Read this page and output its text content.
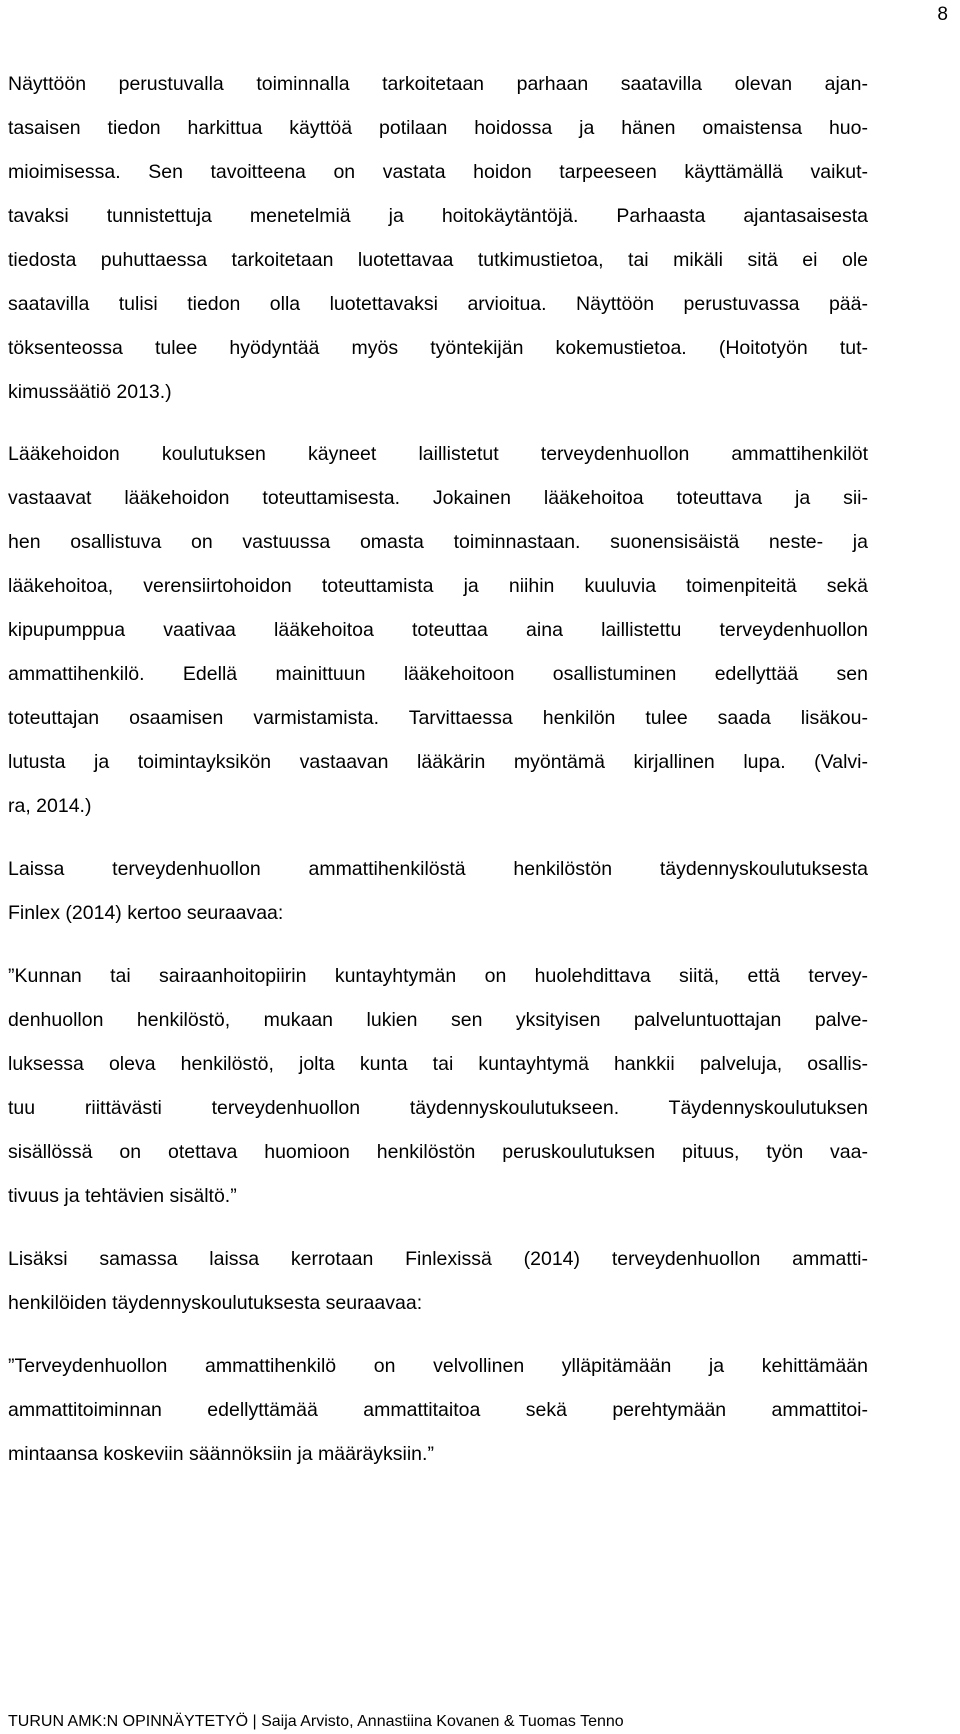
8
Näyttöön perustuvalla toiminnalla tarkoitetaan parhaan saatavilla olevan ajan-
tasaisen tiedon harkittua käyttöä potilaan hoidossa ja hänen omaistensa huo-
mioimisessa. Sen tavoitteena on vastata hoidon tarpeeseen käyttämällä vaikut-
tavaksi tunnistettuja menetelmiä ja hoitokäytäntöjä. Parhaasta ajantasaisesta
tiedosta puhuttaessa tarkoitetaan luotettavaa tutkimustietoa, tai mikäli sitä ei ole
saatavilla tulisi tiedon olla luotettavaksi arvioitua. Näyttöön perustuvassa pää-
töksenteossa tulee hyödyntää myös työntekijän kokemustietoa. (Hoitotyön tut-
kimussäätiö 2013.)
Lääkehoidon koulutuksen käyneet laillistetut terveydenhuollon ammattihenkilöt
vastaavat lääkehoidon toteuttamisesta. Jokainen lääkehoitoa toteuttava ja sii-
hen osallistuva on vastuussa omasta toiminnastaan. suonensisäistä neste- ja
lääkehoitoa, verensiirtohoidon toteuttamista ja niihin kuuluvia toimenpiteitä sekä
kipupumppua vaativaa lääkehoitoa toteuttaa aina laillistettu terveydenhuollon
ammattihenkilö. Edellä mainittuun lääkehoitoon osallistuminen edellyttää sen
toteuttajan osaamisen varmistamista. Tarvittaessa henkilön tulee saada lisäkou-
lutusta ja toimintayksikön vastaavan lääkärin myöntämä kirjallinen lupa. (Valvi-
ra, 2014.)
Laissa terveydenhuollon ammattihenkilöstä henkilöstön täydennyskoulutuksesta
Finlex (2014) kertoo seuraavaa:
”Kunnan tai sairaanhoitopiirin kuntayhtymän on huolehdittava siitä, että tervey-
denhuollon henkilöstö, mukaan lukien sen yksityisen palveluntuottajan palve-
luksessa oleva henkilöstö, jolta kunta tai kuntayhtymä hankkii palveluja, osallis-
tuu riittävästi terveydenhuollon täydennyskoulutukseen. Täydennyskoulutuksen
sisällössä on otettava huomioon henkilöstön peruskoulutuksen pituus, työn vaa-
tivuus ja tehtävien sisältö.”
Lisäksi samassa laissa kerrotaan Finlexissä (2014) terveydenhuollon ammatti-
henkilöiden täydennyskoulutuksesta seuraavaa:
”Terveydenhuollon ammattihenkilö on velvollinen ylläpitämään ja kehittämään
ammattitoiminnan edellyttämää ammattitaitoa sekä perehtymään ammattitoi-
mintaansa koskeviin säännöksiin ja määräyksiin.”
TURUN AMK:N OPINNÄYTETYÖ | Saija Arvisto, Annastiina Kovanen & Tuomas Tenno
